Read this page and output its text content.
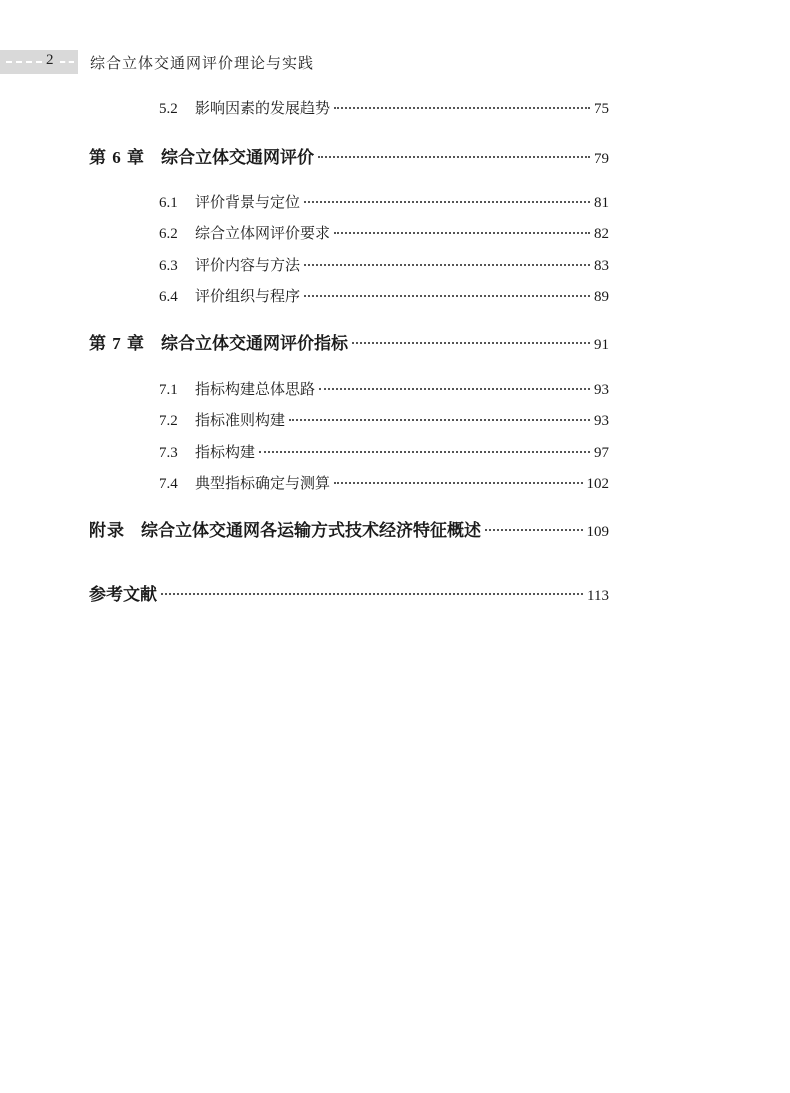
2 综合立体交通网评价理论与实践
5.2	影响因素的发展趋势	75
第 6 章 综合立体交通网评价	79
6.1	评价背景与定位	81
6.2	综合立体网评价要求	82
6.3	评价内容与方法	83
6.4	评价组织与程序	89
第 7 章 综合立体交通网评价指标	91
7.1	指标构建总体思路	93
7.2	指标准则构建	93
7.3	指标构建	97
7.4	典型指标确定与测算	102
附录 综合立体交通网各运输方式技术经济特征概述	109
参考文献	113
